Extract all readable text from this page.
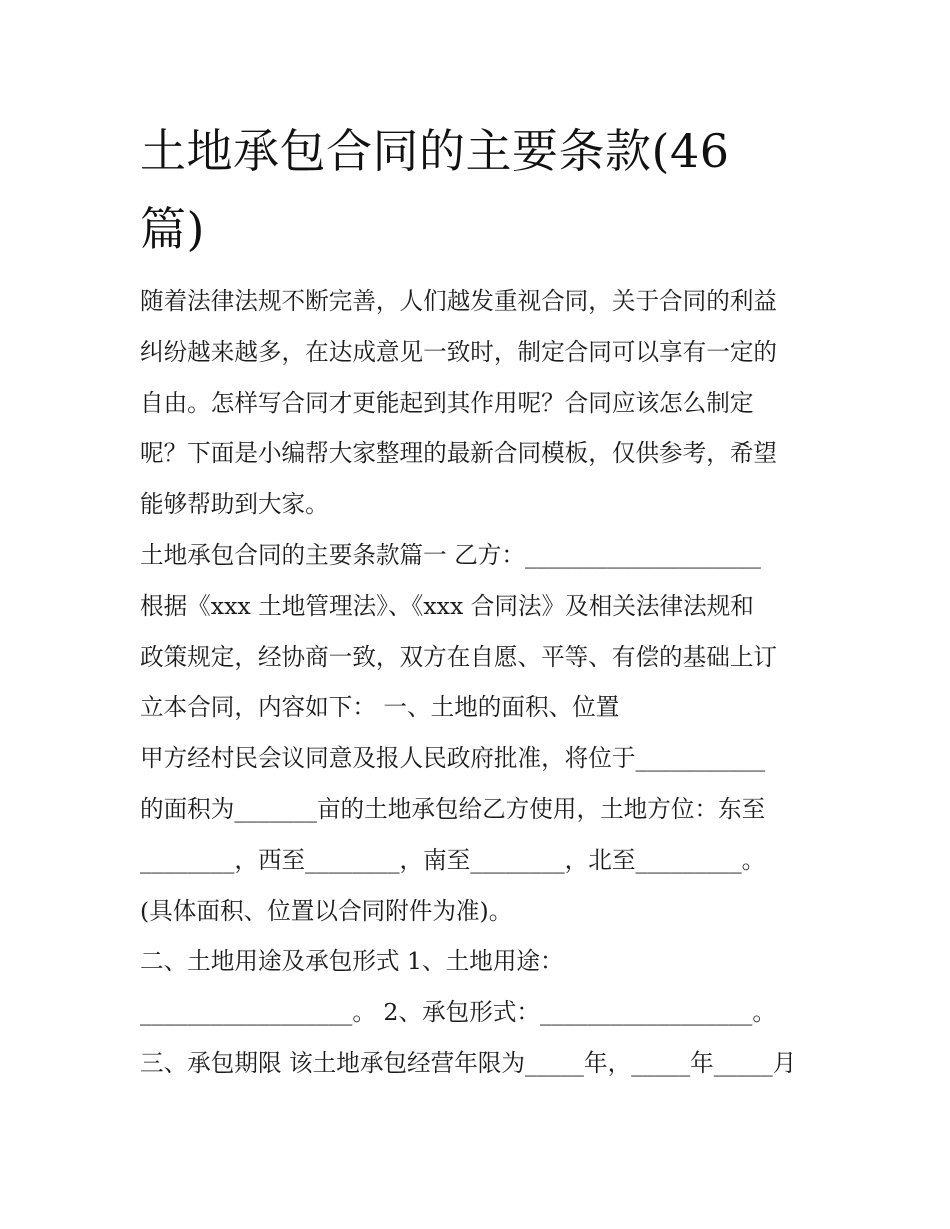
土地承包合同的主要条款(46
篇)
随着法律法规不断完善，人们越发重视合同，关于合同的利益
纠纷越来越多，在达成意见一致时，制定合同可以享有一定的
自由。怎样写合同才更能起到其作用呢？合同应该怎么制定
呢？下面是小编帮大家整理的最新合同模板，仅供参考，希望
能够帮助到大家。
土地承包合同的主要条款篇一 乙方：____________________
根据《xxx 土地管理法》、《xxx 合同法》及相关法律法规和
政策规定，经协商一致，双方在自愿、平等、有偿的基础上订
立本合同，内容如下： 一、土地的面积、位置
甲方经村民会议同意及报人民政府批准，将位于___________
的面积为_______亩的土地承包给乙方使用，土地方位：东至
________，西至________，南至________，北至_________。
(具体面积、位置以合同附件为准)。
二、土地用途及承包形式 1、土地用途：
__________________。 2、承包形式：__________________。
三、承包期限 该土地承包经营年限为_____年，_____年_____月
